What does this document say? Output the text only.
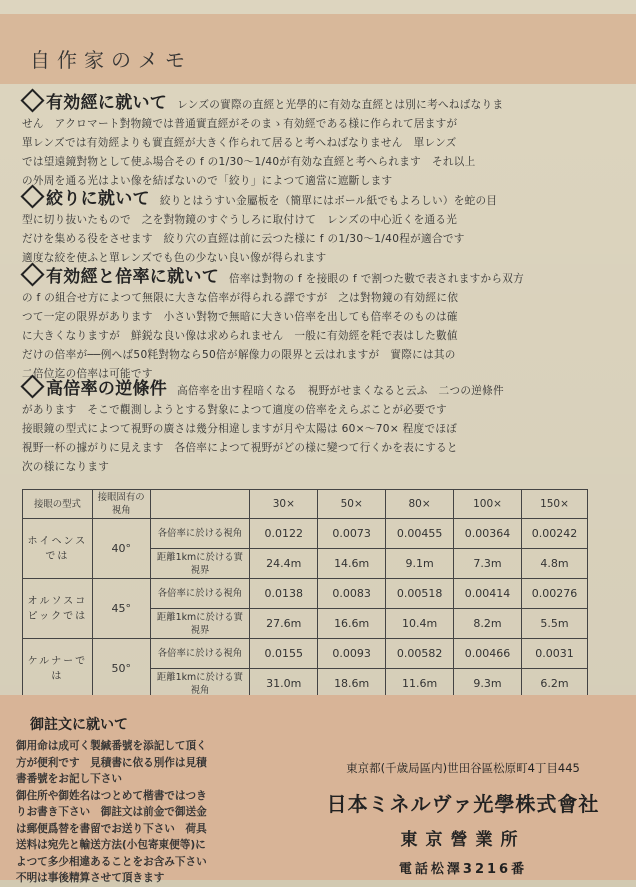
自作家のメモ

有効經に就いて レンズの實際の直經と光學的に有効な直經とは別に考へねばなりま

せん　アクロマート對物鏡では普通實直經がそのまゝ有効經である様に作られて居ますが

單レンズでは有効經よりも實直經が大きく作られて居ると考へねばなりません　單レンズ

では望遠鏡對物として使ふ場合その f の1/30〜1/40が有効な直經と考へられます　それ以上

の外周を通る光はよい像を結ばないので「絞り」によつて適當に遮斷します

絞りに就いて 絞りとはうすい金屬板を（簡單にはボール紙でもよろしい）を蛇の目

型に切り抜いたもので　之を對物鏡のすぐうしろに取付けて　レンズの中心近くを通る光

だけを集める役をさせます　絞り穴の直經は前に云つた様に f の1/30〜1/40程が適合です

適度な絞を使ふと單レンズでも色の少ない良い像が得られます

有効經と倍率に就いて 倍率は對物の f を接眼の f で割つた數で表されますから双方

の f の組合せ方によつて無限に大きな倍率が得られる譯ですが　之は對物鏡の有効經に依

つて一定の限界があります　小さい對物で無暗に大きい倍率を出しても倍率そのものは確

に大きくなりますが　鮮鋭な良い像は求められません　一般に有効經を粍で表はした數値

だけの倍率が──例へば50粍對物なら50倍が解像力の限界と云はれますが　實際には其の

二倍位迄の倍率は可能です

高倍率の逆條件 高倍率を出す程暗くなる　視野がせまくなると云ふ　二つの逆條件

があります　そこで觀測しようとする對象によつて適度の倍率をえらぶことが必要です

接眼鏡の型式によつて視野の廣さは幾分相違しますが月や太陽は 60×〜70× 程度でほぼ

視野一杯の據がりに見えます　各倍率によつて視野がどの様に變つて行くかを表にすると

次の様になります

接眼の型式	接眼固有の視角		30×	50×	80×	100×	150×
ホイヘンスでは	40°	各倍率に於ける視角	0.0122	0.0073	0.00455	0.00364	0.00242
		距離1kmに於ける實視界	24.4m	14.6m	9.1m	7.3m	4.8m
オルソスコピックでは	45°	各倍率に於ける視角	0.0138	0.0083	0.00518	0.00414	0.00276
		距離1kmに於ける實視界	27.6m	16.6m	10.4m	8.2m	5.5m
ケルナーでは	50°	各倍率に於ける視角	0.0155	0.0093	0.00582	0.00466	0.0031
		距離1kmに於ける實視角	31.0m	18.6m	11.6m	9.3m	6.2m
御註文に就いて

御用命は成可く製緘番號を添記して頂く

方が便利です　見積書に依る別作は見積

書番號をお記し下さい

御住所や御姓名はつとめて楷書ではつき

りお書き下さい　御註文は前金で御送金

は郵便爲替を書留でお送り下さい　荷具

送料は宛先と輸送方法(小包寄東便等)に

よつて多少相違あることをお含み下さい

不明は事後精算させて頂きます

東京都(千歳局區内)世田谷區松原町4丁目445
日本ミネルヴァ光學株式會社
東京營業所
電話松澤3216番
